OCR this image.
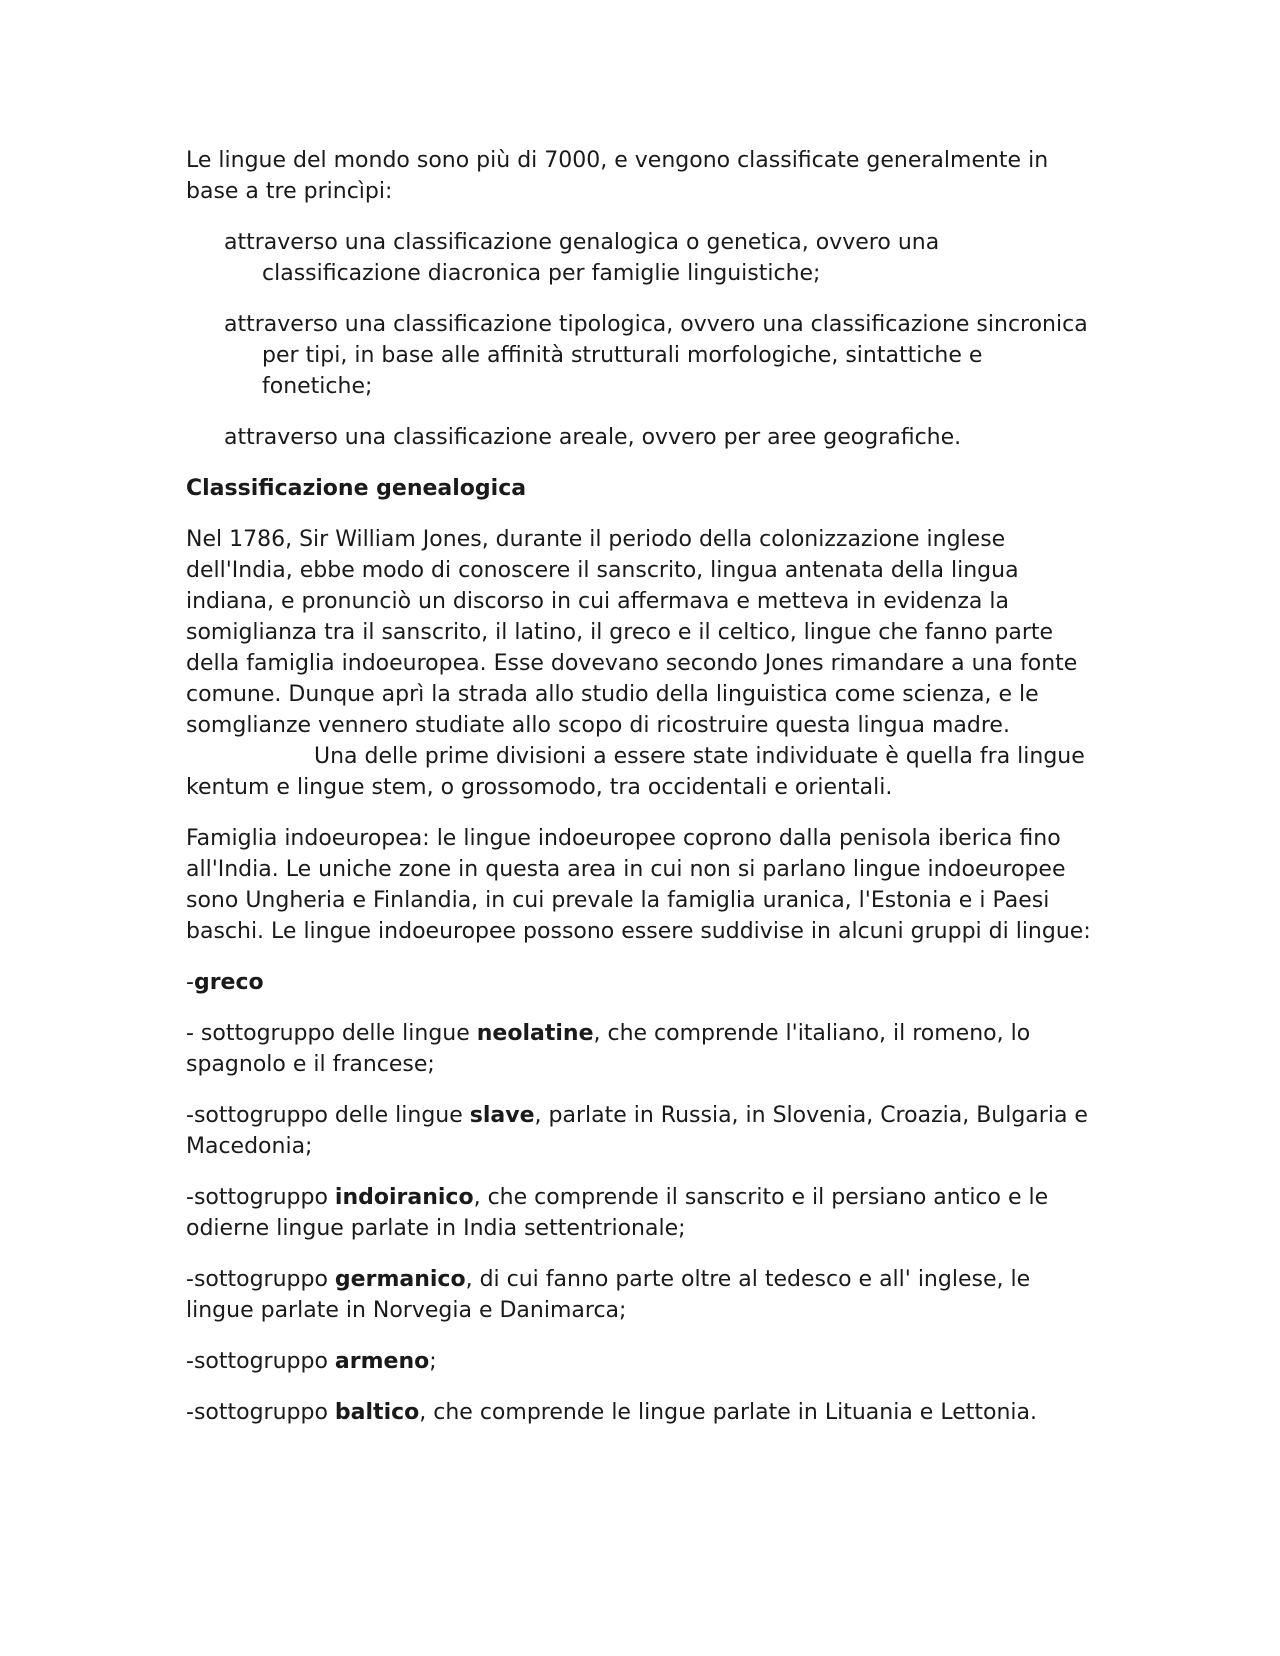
Le lingue del mondo sono più di 7000, e vengono classificate generalmente in base a tre princìpi:

attraverso una classificazione genalogica o genetica, ovvero una classificazione diacronica per famiglie linguistiche;

attraverso una classificazione tipologica, ovvero una classificazione sincronica per tipi, in base alle affinità strutturali morfologiche, sintattiche e fonetiche;

attraverso una classificazione areale, ovvero per aree geografiche.

Classificazione genealogica

Nel 1786, Sir William Jones, durante il periodo della colonizzazione inglese dell'India, ebbe modo di conoscere il sanscrito, lingua antenata della lingua indiana, e pronunciò un discorso in cui affermava e metteva in evidenza la somiglianza tra il sanscrito, il latino, il greco e il celtico, lingue che fanno parte della famiglia indoeuropea. Esse dovevano secondo Jones rimandare a una fonte comune. Dunque aprì la strada allo studio della linguistica come scienza, e le somglianze vennero studiate allo scopo di ricostruire questa lingua madre.Una delle prime divisioni a essere state individuate è quella fra lingue kentum e lingue stem, o grossomodo, tra occidentali e orientali.

Famiglia indoeuropea: le lingue indoeuropee coprono dalla penisola iberica fino all'India. Le uniche zone in questa area in cui non si parlano lingue indoeuropee sono Ungheria e Finlandia, in cui prevale la famiglia uranica, l'Estonia e i Paesi baschi. Le lingue indoeuropee possono essere suddivise in alcuni gruppi di lingue:

-greco

- sottogruppo delle lingue neolatine, che comprende l'italiano, il romeno, lo spagnolo e il francese;

-sottogruppo delle lingue slave, parlate in Russia, in Slovenia, Croazia, Bulgaria e Macedonia;

-sottogruppo indoiranico, che comprende il sanscrito e il persiano antico e le odierne lingue parlate in India settentrionale;

-sottogruppo germanico, di cui fanno parte oltre al tedesco e all' inglese, le lingue parlate in Norvegia e Danimarca;

-sottogruppo armeno;

-sottogruppo baltico, che comprende le lingue parlate in Lituania e Lettonia.
